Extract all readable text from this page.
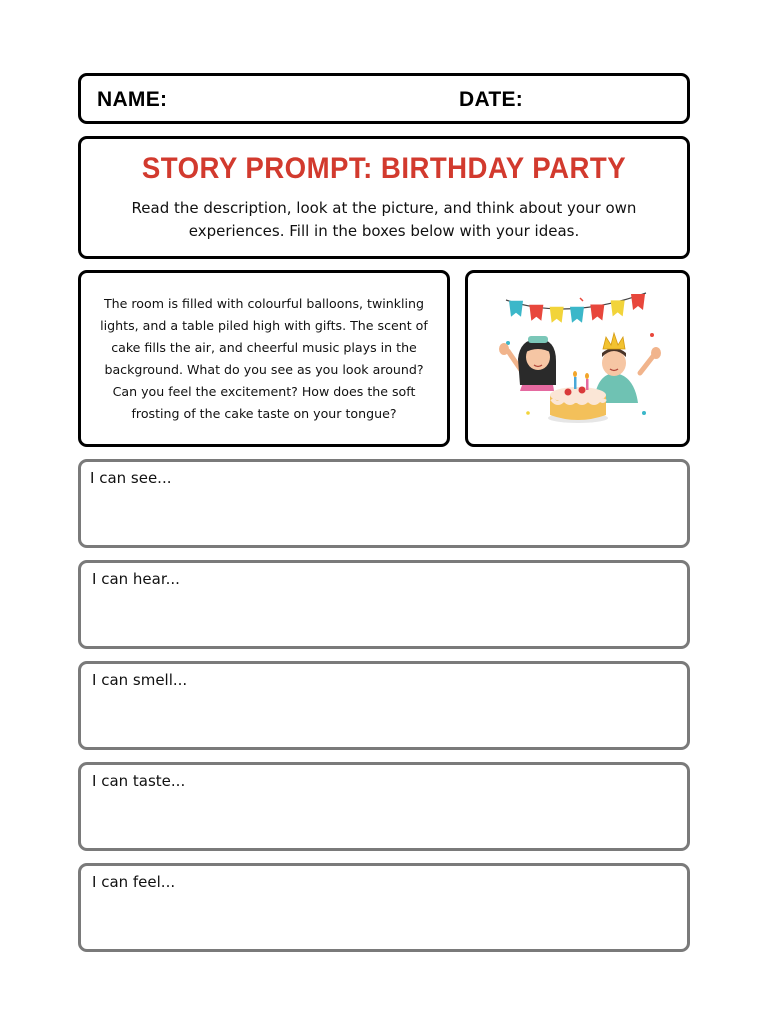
NAME:	DATE:
STORY PROMPT: BIRTHDAY PARTY
Read the description, look at the picture, and think about your own experiences. Fill in the boxes below with your ideas.
The room is filled with colourful balloons, twinkling lights, and a table piled high with gifts. The scent of cake fills the air, and cheerful music plays in the background. What do you see as you look around? Can you feel the excitement? How does the soft frosting of the cake taste on your tongue?
I can see...
I can hear...
I can smell...
I can taste...
I can feel...
